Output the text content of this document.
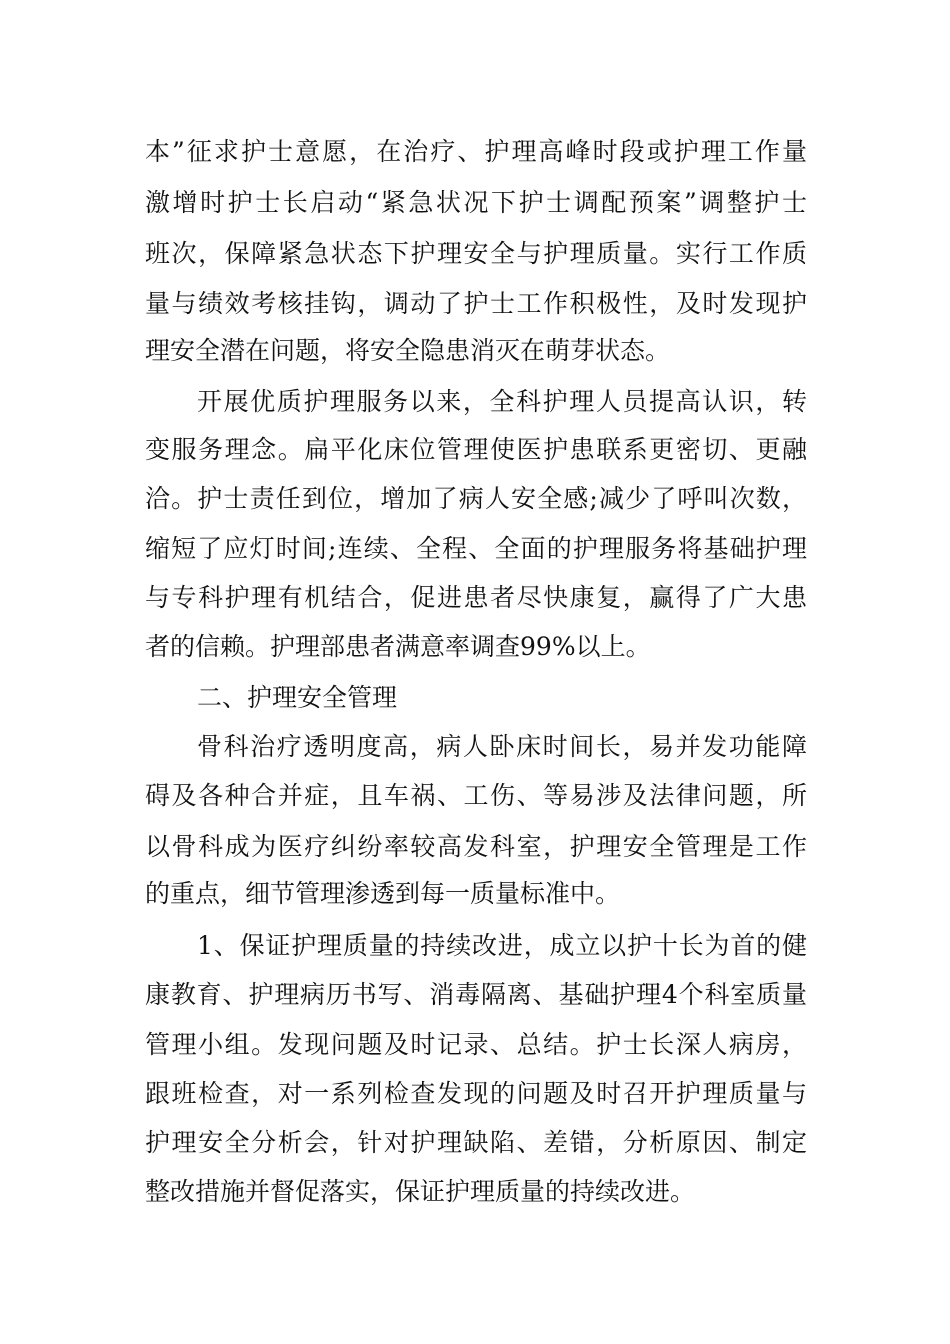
本”征求护士意愿，在治疗、护理高峰时段或护理工作量
激增时护士长启动“紧急状况下护士调配预案”调整护士
班次，保障紧急状态下护理安全与护理质量。实行工作质
量与绩效考核挂钩，调动了护士工作积极性，及时发现护
理安全潜在问题，将安全隐患消灭在萌芽状态。
开展优质护理服务以来，全科护理人员提高认识，转
变服务理念。扁平化床位管理使医护患联系更密切、更融
洽。护士责任到位，增加了病人安全感;减少了呼叫次数，
缩短了应灯时间;连续、全程、全面的护理服务将基础护理
与专科护理有机结合，促进患者尽快康复，赢得了广大患
者的信赖。护理部患者满意率调查99%以上。
二、护理安全管理
骨科治疗透明度高，病人卧床时间长，易并发功能障
碍及各种合并症，且车祸、工伤、等易涉及法律问题，所
以骨科成为医疗纠纷率较高发科室，护理安全管理是工作
的重点，细节管理渗透到每一质量标准中。
1、保证护理质量的持续改进，成立以护十长为首的健
康教育、护理病历书写、消毒隔离、基础护理4个科室质量
管理小组。发现问题及时记录、总结。护士长深人病房，
跟班检查，对一系列检查发现的问题及时召开护理质量与
护理安全分析会，针对护理缺陷、差错，分析原因、制定
整改措施并督促落实，保证护理质量的持续改进。
